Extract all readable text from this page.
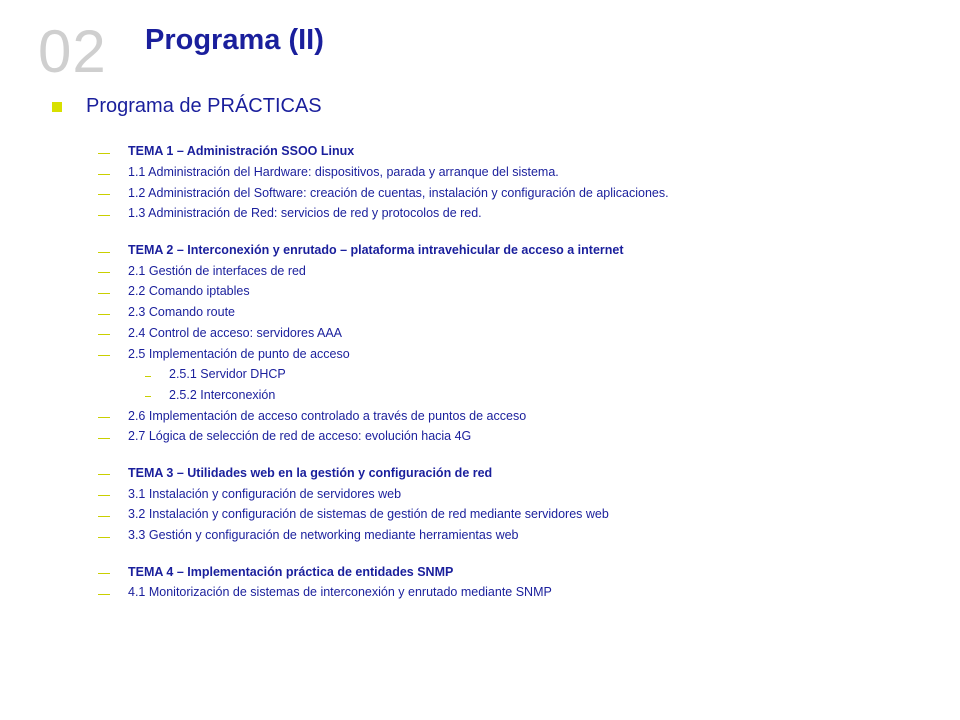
02 Programa (II)
Programa de PRÁCTICAS
TEMA 1 – Administración SSOO Linux
1.1 Administración del Hardware: dispositivos, parada y arranque del sistema.
1.2 Administración del Software: creación de cuentas, instalación y configuración de aplicaciones.
1.3 Administración de Red: servicios de red y protocolos de red.
TEMA 2 – Interconexión y enrutado – plataforma intravehicular de acceso a internet
2.1 Gestión de interfaces de red
2.2 Comando iptables
2.3 Comando route
2.4 Control de acceso: servidores AAA
2.5 Implementación de punto de acceso
2.5.1 Servidor DHCP
2.5.2 Interconexión
2.6 Implementación de acceso controlado a través de puntos de acceso
2.7 Lógica de selección de red de acceso: evolución hacia 4G
TEMA 3 – Utilidades web en la gestión y configuración de red
3.1 Instalación y configuración de servidores web
3.2 Instalación y configuración de sistemas de gestión de red mediante servidores web
3.3 Gestión y configuración de networking mediante herramientas web
TEMA 4 – Implementación práctica de entidades SNMP
4.1 Monitorización de sistemas de interconexión y enrutado mediante SNMP
